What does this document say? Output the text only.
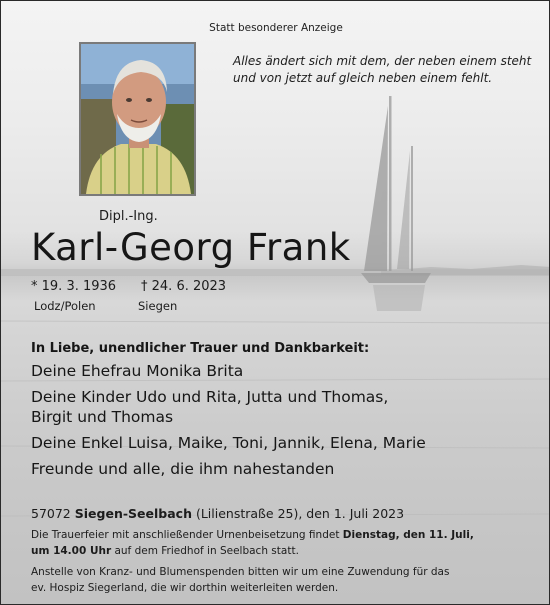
Statt besonderer Anzeige
Alles ändert sich mit dem, der neben einem steht
und von jetzt auf gleich neben einem fehlt.
Dipl.-Ing.
Karl-Georg Frank
* 19. 3. 1936
Lodz/Polen
† 24. 6. 2023
Siegen
In Liebe, unendlicher Trauer und Dankbarkeit:
Deine Ehefrau Monika Brita
Deine Kinder Udo und Rita, Jutta und Thomas,
Birgit und Thomas
Deine Enkel Luisa, Maike, Toni, Jannik, Elena, Marie
Freunde und alle, die ihm nahestanden
57072 Siegen-Seelbach (Lilienstraße 25), den 1. Juli 2023
Die Trauerfeier mit anschließender Urnenbeisetzung findet Dienstag, den 11. Juli,
um 14.00 Uhr auf dem Friedhof in Seelbach statt.
Anstelle von Kranz- und Blumenspenden bitten wir um eine Zuwendung für das
ev. Hospiz Siegerland, die wir dorthin weiterleiten werden.
